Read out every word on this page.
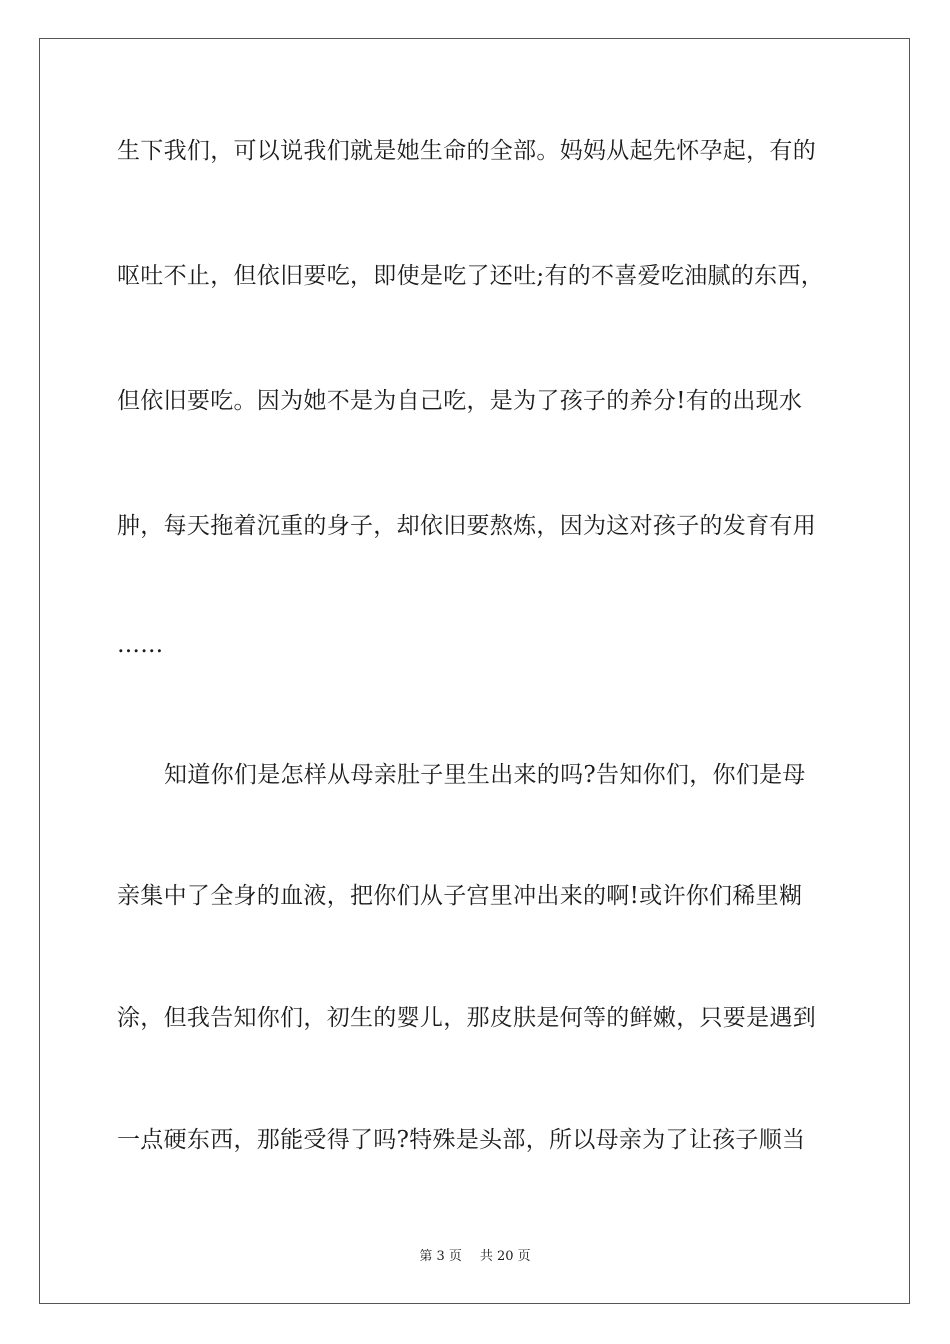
生下我们，可以说我们就是她生命的全部。妈妈从起先怀孕起，有的
呕吐不止，但依旧要吃，即使是吃了还吐;有的不喜爱吃油腻的东西，
但依旧要吃。因为她不是为自己吃，是为了孩子的养分!有的出现水
肿，每天拖着沉重的身子，却依旧要熬炼，因为这对孩子的发育有用
……
知道你们是怎样从母亲肚子里生出来的吗?告知你们，你们是母
亲集中了全身的血液，把你们从子宫里冲出来的啊!或许你们稀里糊
涂，但我告知你们，初生的婴儿，那皮肤是何等的鲜嫩，只要是遇到
一点硬东西，那能受得了吗?特殊是头部，所以母亲为了让孩子顺当
第 3 页 共 20 页
